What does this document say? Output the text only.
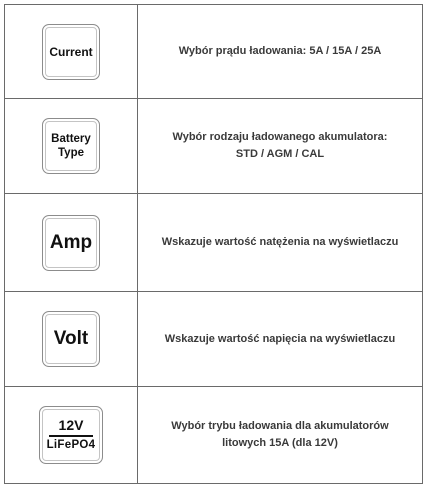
Current	Wybór prądu ładowania: 5A / 15A / 25A

Battery
Type	Wybór rodzaju ładowanego akumulatora:
STD / AGM / CAL

Amp	Wskazuje wartość natężenia na wyświetlaczu

Volt	Wskazuje wartość napięcia na wyświetlaczu

12V
LiFePO4	Wybór trybu ładowania dla akumulatorów
litowych 15A (dla 12V)
